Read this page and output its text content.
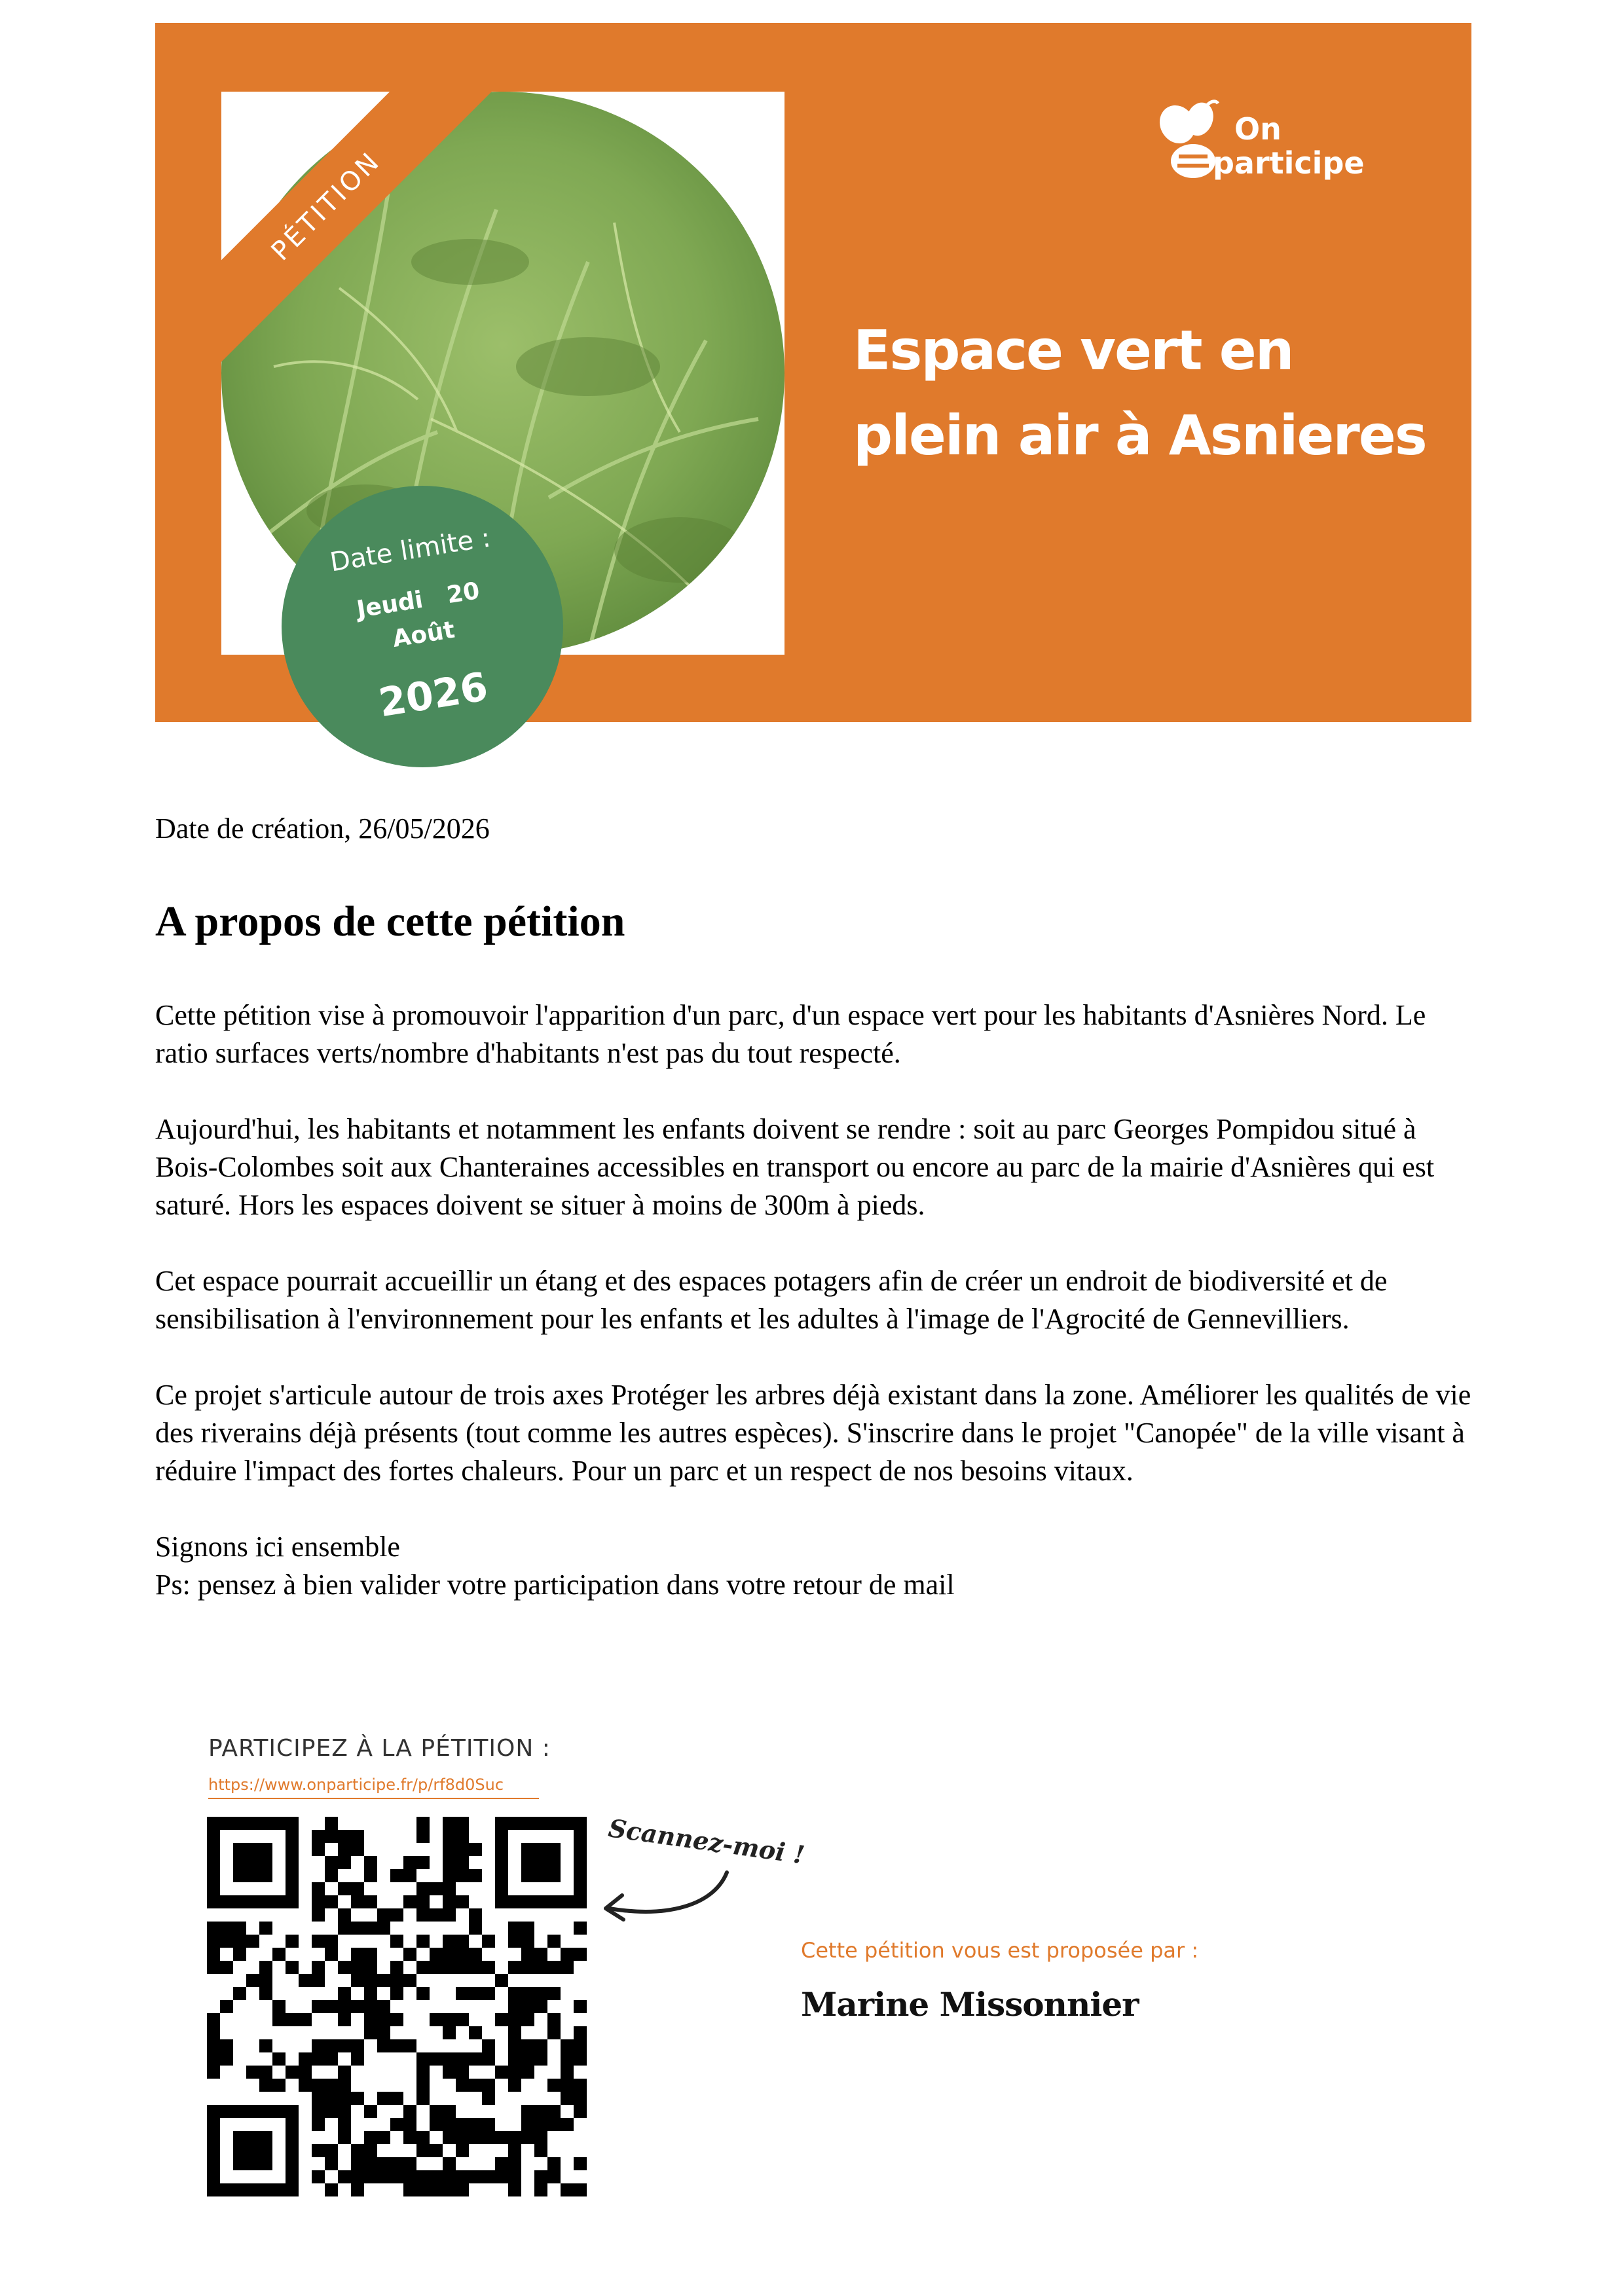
PÉTITION
Date limite :
Jeudi   20
Août
2026
On
participe
Espace vert en
plein air à Asnieres
Date de création, 26/05/2026
A propos de cette pétition

Cette pétition vise à promouvoir l'apparition d'un parc, d'un espace vert pour les habitants d'Asnières Nord. Le ratio surfaces verts/nombre d'habitants n'est pas du tout respecté.

Aujourd'hui, les habitants et notamment les enfants doivent se rendre : soit au parc Georges Pompidou situé à Bois-Colombes soit aux Chanteraines accessibles en transport ou encore au parc de la mairie d'Asnières qui est saturé. Hors les espaces doivent se situer à moins de 300m à pieds.

Cet espace pourrait accueillir un étang et des espaces potagers afin de créer un endroit de biodiversité et de sensibilisation à l'environnement pour les enfants et les adultes à l'image de l'Agrocité de Gennevilliers.

Ce projet s'articule autour de trois axes Protéger les arbres déjà existant dans la zone. Améliorer les qualités de vie des riverains déjà présents (tout comme les autres espèces). S'inscrire dans le projet "Canopée" de la ville visant à réduire l'impact des fortes chaleurs. Pour un parc et un respect de nos besoins vitaux.

Signons ici ensemble
Ps: pensez à bien valider votre participation dans votre retour de mail
PARTICIPEZ À LA PÉTITION :
https://www.onparticipe.fr/p/rf8d0Suc
Scannez-moi !
Cette pétition vous est proposée par :
Marine Missonnier
